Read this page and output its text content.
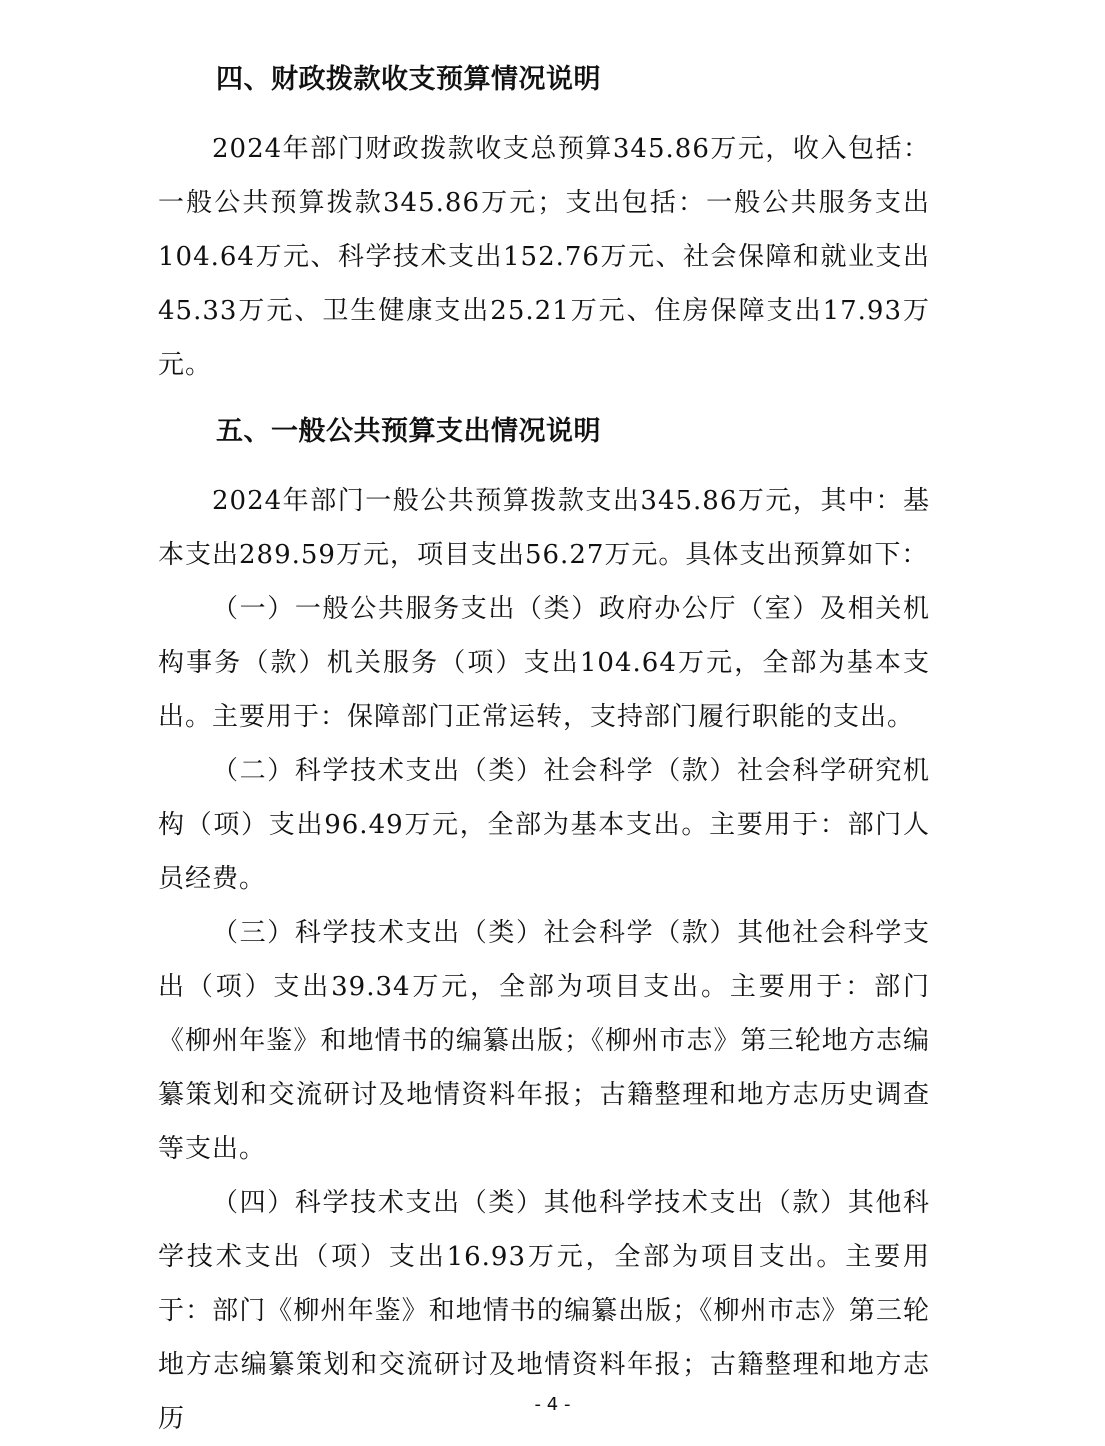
四、财政拨款收支预算情况说明

2024年部门财政拨款收支总预算345.86万元，收入包括：一般公共预算拨款345.86万元；支出包括：一般公共服务支出104.64万元、科学技术支出152.76万元、社会保障和就业支出45.33万元、卫生健康支出25.21万元、住房保障支出17.93万元。

五、一般公共预算支出情况说明

2024年部门一般公共预算拨款支出345.86万元，其中：基本支出289.59万元，项目支出56.27万元。具体支出预算如下：

（一）一般公共服务支出（类）政府办公厅（室）及相关机构事务（款）机关服务（项）支出104.64万元，全部为基本支出。主要用于：保障部门正常运转，支持部门履行职能的支出。

（二）科学技术支出（类）社会科学（款）社会科学研究机构（项）支出96.49万元，全部为基本支出。主要用于：部门人员经费。

（三）科学技术支出（类）社会科学（款）其他社会科学支出（项）支出39.34万元，全部为项目支出。主要用于：部门《柳州年鉴》和地情书的编纂出版；《柳州市志》第三轮地方志编纂策划和交流研讨及地情资料年报；古籍整理和地方志历史调查等支出。

（四）科学技术支出（类）其他科学技术支出（款）其他科学技术支出（项）支出16.93万元，全部为项目支出。主要用于：部门《柳州年鉴》和地情书的编纂出版；《柳州市志》第三轮地方志编纂策划和交流研讨及地情资料年报；古籍整理和地方志历	- 4 -
